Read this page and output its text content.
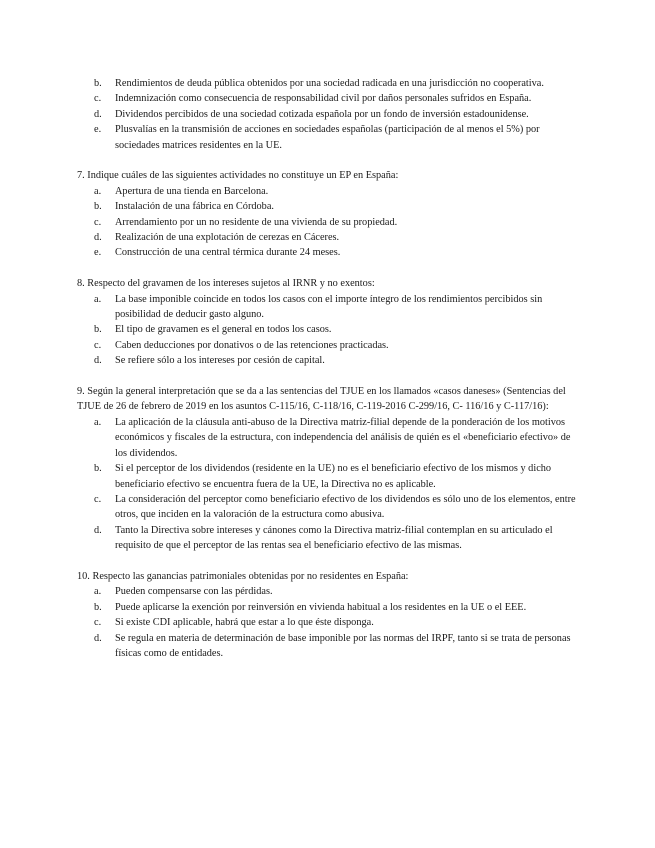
b.	Rendimientos de deuda pública obtenidos por una sociedad radicada en una jurisdicción no cooperativa.
c.	Indemnización como consecuencia de responsabilidad civil por daños personales sufridos en España.
d.	Dividendos percibidos de una sociedad cotizada española por un fondo de inversión estadounidense.
e.	Plusvalías en la transmisión de acciones en sociedades españolas (participación de al menos el 5%) por sociedades matrices residentes en la UE.

7. Indique cuáles de las siguientes actividades no constituye un EP en España:

a.	Apertura de una tienda en Barcelona.
b.	Instalación de una fábrica en Córdoba.
c.	Arrendamiento por un no residente de una vivienda de su propiedad.
d.	Realización de una explotación de cerezas en Cáceres.
e.	Construcción de una central térmica durante 24 meses.

8. Respecto del gravamen de los intereses sujetos al IRNR y no exentos:

a.	La base imponible coincide en todos los casos con el importe íntegro de los rendimientos percibidos sin posibilidad de deducir gasto alguno.
b.	El tipo de gravamen es el general en todos los casos.
c.	Caben deducciones por donativos o de las retenciones practicadas.
d.	Se refiere sólo a los intereses por cesión de capital.

9. Según la general interpretación que se da a las sentencias del TJUE en los llamados «casos daneses» (Sentencias del TJUE de 26 de febrero de 2019 en los asuntos C-115/16, C-118/16, C-119-2016 C-299/16, C- 116/16 y C-117/16):

a.	La aplicación de la cláusula anti-abuso de la Directiva matriz-filial depende de la ponderación de los motivos económicos y fiscales de la estructura, con independencia del análisis de quién es el «beneficiario efectivo» de los dividendos.
b.	Si el perceptor de los dividendos (residente en la UE) no es el beneficiario efectivo de los mismos y dicho beneficiario efectivo se encuentra fuera de la UE, la Directiva no es aplicable.
c.	La consideración del perceptor como beneficiario efectivo de los dividendos es sólo uno de los elementos, entre otros, que inciden en la valoración de la estructura como abusiva.
d.	Tanto la Directiva sobre intereses y cánones como la Directiva matriz-filial contemplan en su articulado el requisito de que el perceptor de las rentas sea el beneficiario efectivo de las mismas.

10. Respecto las ganancias patrimoniales obtenidas por no residentes en España:

a.	Pueden compensarse con las pérdidas.
b.	Puede aplicarse la exención por reinversión en vivienda habitual a los residentes en la UE o el EEE.
c.	Si existe CDI aplicable, habrá que estar a lo que éste disponga.
d.	Se regula en materia de determinación de base imponible por las normas del IRPF, tanto si se trata de personas físicas como de entidades.
